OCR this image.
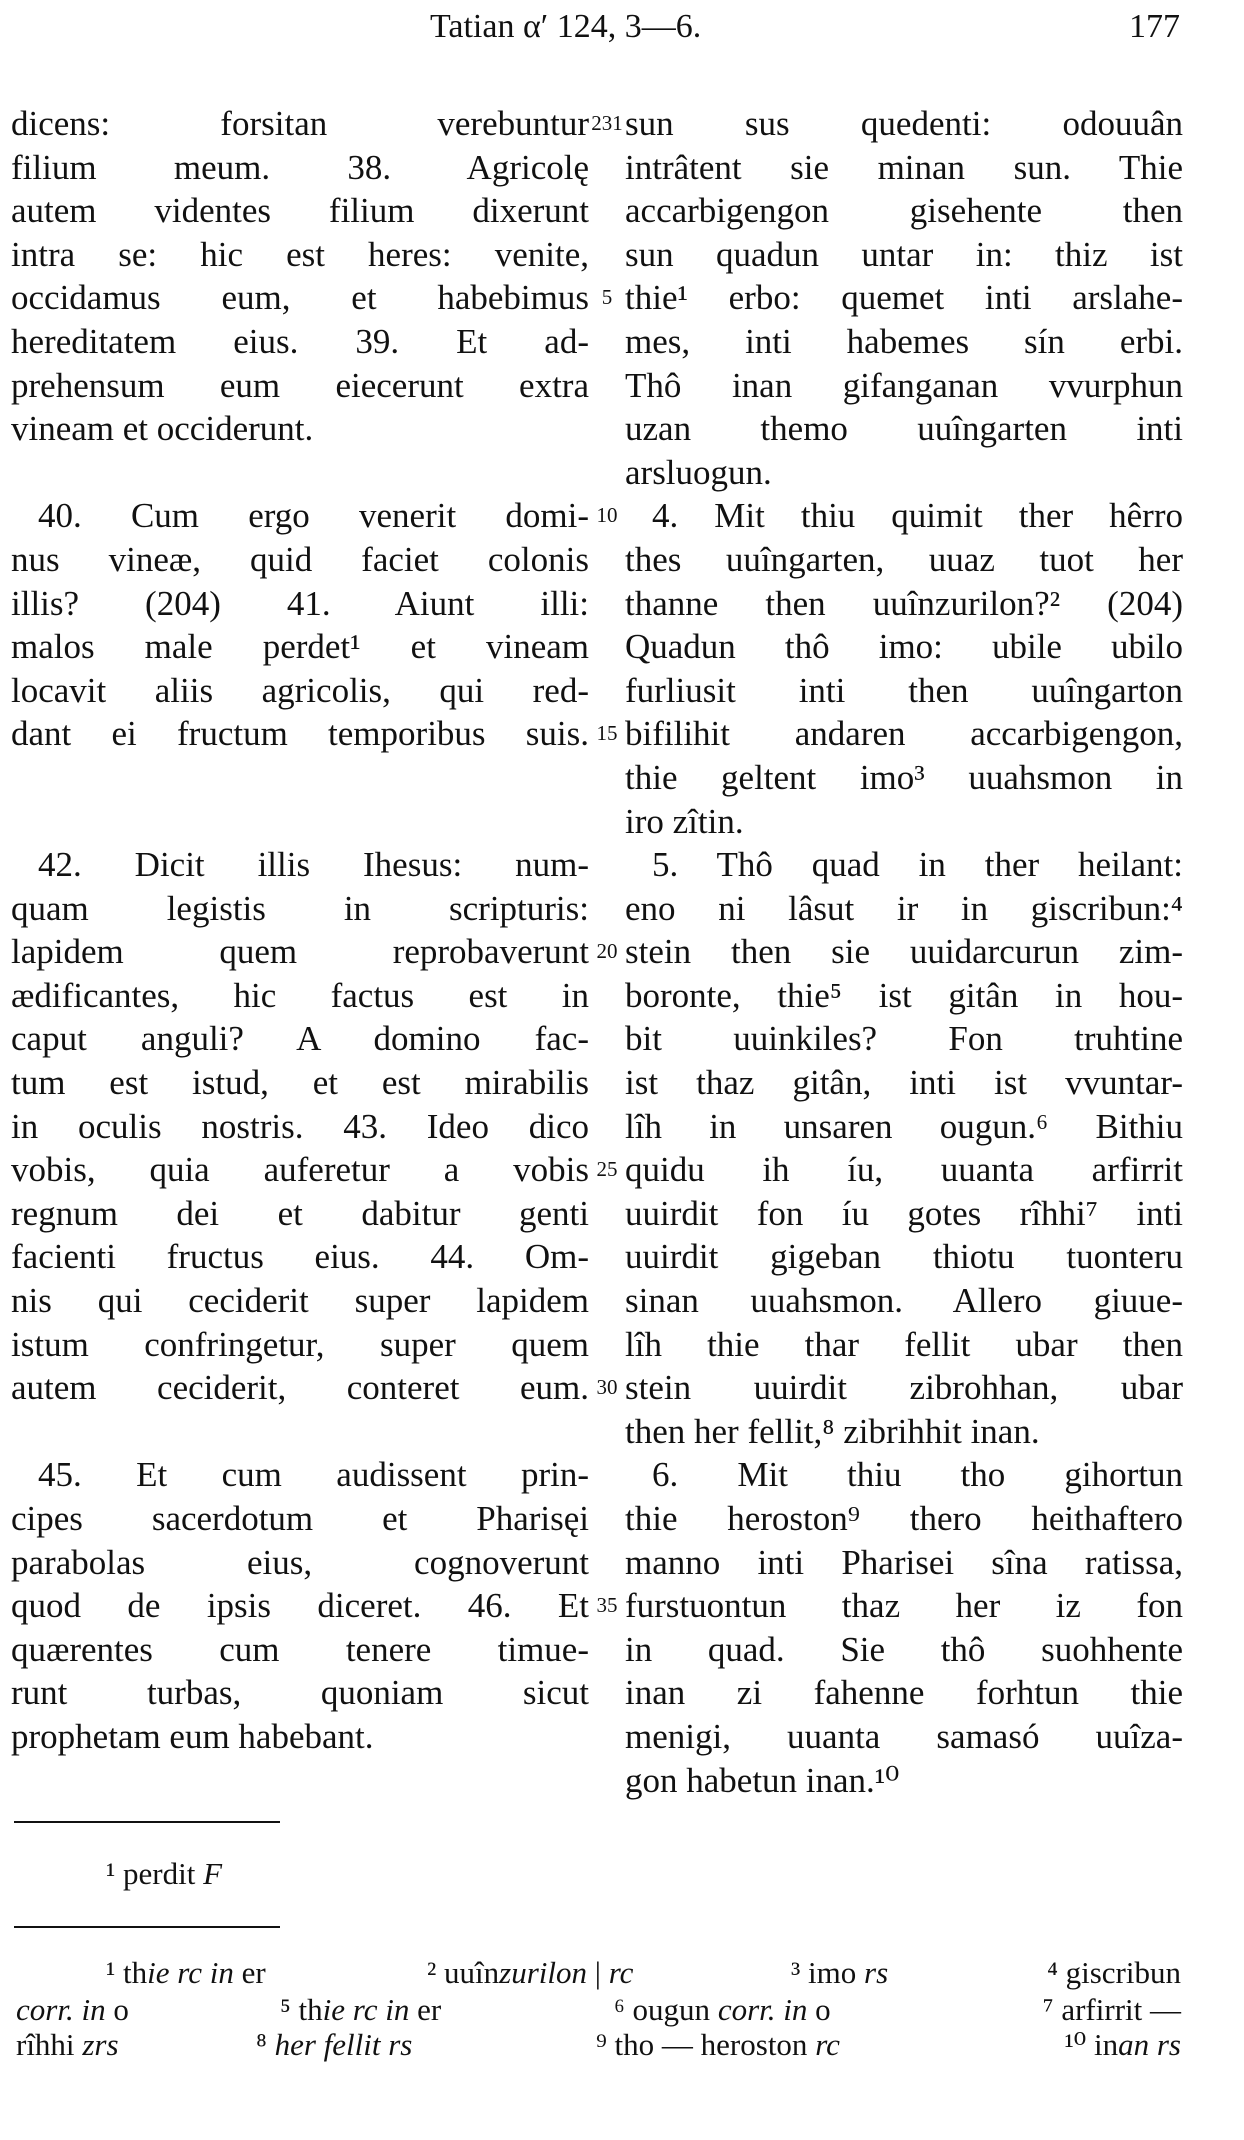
Tatian α′ 124, 3—6.	177
dicens: forsitan verebuntur 231 sun sus quedenti: odouuân
filium meum. 38. Agricolę intrâtent sie minan sun. Thie
autem videntes filium dixerunt accarbigengon gisehente then
intra se: hic est heres: venite, sun quadun untar in: thiz ist
occidamus eum, et habebimus 5 thie¹ erbo: quemet inti arslahe-
hereditatem eius. 39. Et ad- mes, inti habemes sín erbi.
prehensum eum eiecerunt extra Thô inan gifanganan vvurphun
vineam et occiderunt.	uzan themo uuîngarten inti
arsluogun.
40. Cum ergo venerit domi- 10 4. Mit thiu quimit ther hêrro
nus vineæ, quid faciet colonis thes uuîngarten, uuaz tuot her
illis? (204) 41. Aiunt illi: thanne then uuînzurilon?² (204)
malos male perdet¹ et vineam Quadun thô imo: ubile ubilo
locavit aliis agricolis, qui red- furliusit inti then uuîngarton
dant ei fructum temporibus suis. 15 bifilihit andaren accarbigengon,
thie geltent imo³ uuahsmon in
iro zîtin.
42. Dicit illis Ihesus: num-	5. Thô quad in ther heilant:
quam legistis in scripturis: eno ni lâsut ir in giscribun:⁴
lapidem quem reprobaverunt 20 stein then sie uuidarcurun zim-
ædificantes, hic factus est in boronte, thie⁵ ist gitân in hou-
caput anguli? A domino fac- bit uuinkiles? Fon truhtine
tum est istud, et est mirabilis ist thaz gitân, inti ist vvuntar-
in oculis nostris. 43. Ideo dico lîh in unsaren ougun.⁶ Bithiu
vobis, quia auferetur a vobis 25 quidu ih íu, uuanta arfirrit
regnum dei et dabitur genti uuirdit fon íu gotes rîhhi⁷ inti
facienti fructus eius. 44. Om- uuirdit gigeban thiotu tuonteru
nis qui ceciderit super lapidem sinan uuahsmon. Allero giuue-
istum confringetur, super quem lîh thie thar fellit ubar then
autem ceciderit, conteret eum. 30 stein uuirdit zibrohhan, ubar
then her fellit,⁸ zibrihhit inan.
45. Et cum audissent prin-	6. Mit thiu tho gihortun
cipes sacerdotum et Pharisęi thie heroston⁹ thero heithaftero
parabolas eius, cognoverunt manno inti Pharisei sîna ratissa,
quod de ipsis diceret. 46. Et 35 furstuontun thaz her iz fon
quærentes cum tenere timue- in quad. Sie thô suohhente
runt turbas, quoniam sicut inan zi fahenne forhtun thie
prophetam eum habebant.	menigi, uuanta samasó uuîza-
gon habetun inan.¹⁰
¹ perdit F
¹ thie rc in er	² uuînzurilon | rc	³ imo rs	⁴ giscribun
corr. in o	⁵ thie rc in er	⁶ ougun corr. in o	⁷ arfirrit —
rîhhi zrs	⁸ her fellit rs	⁹ tho — heroston rc	¹⁰ inan rs
